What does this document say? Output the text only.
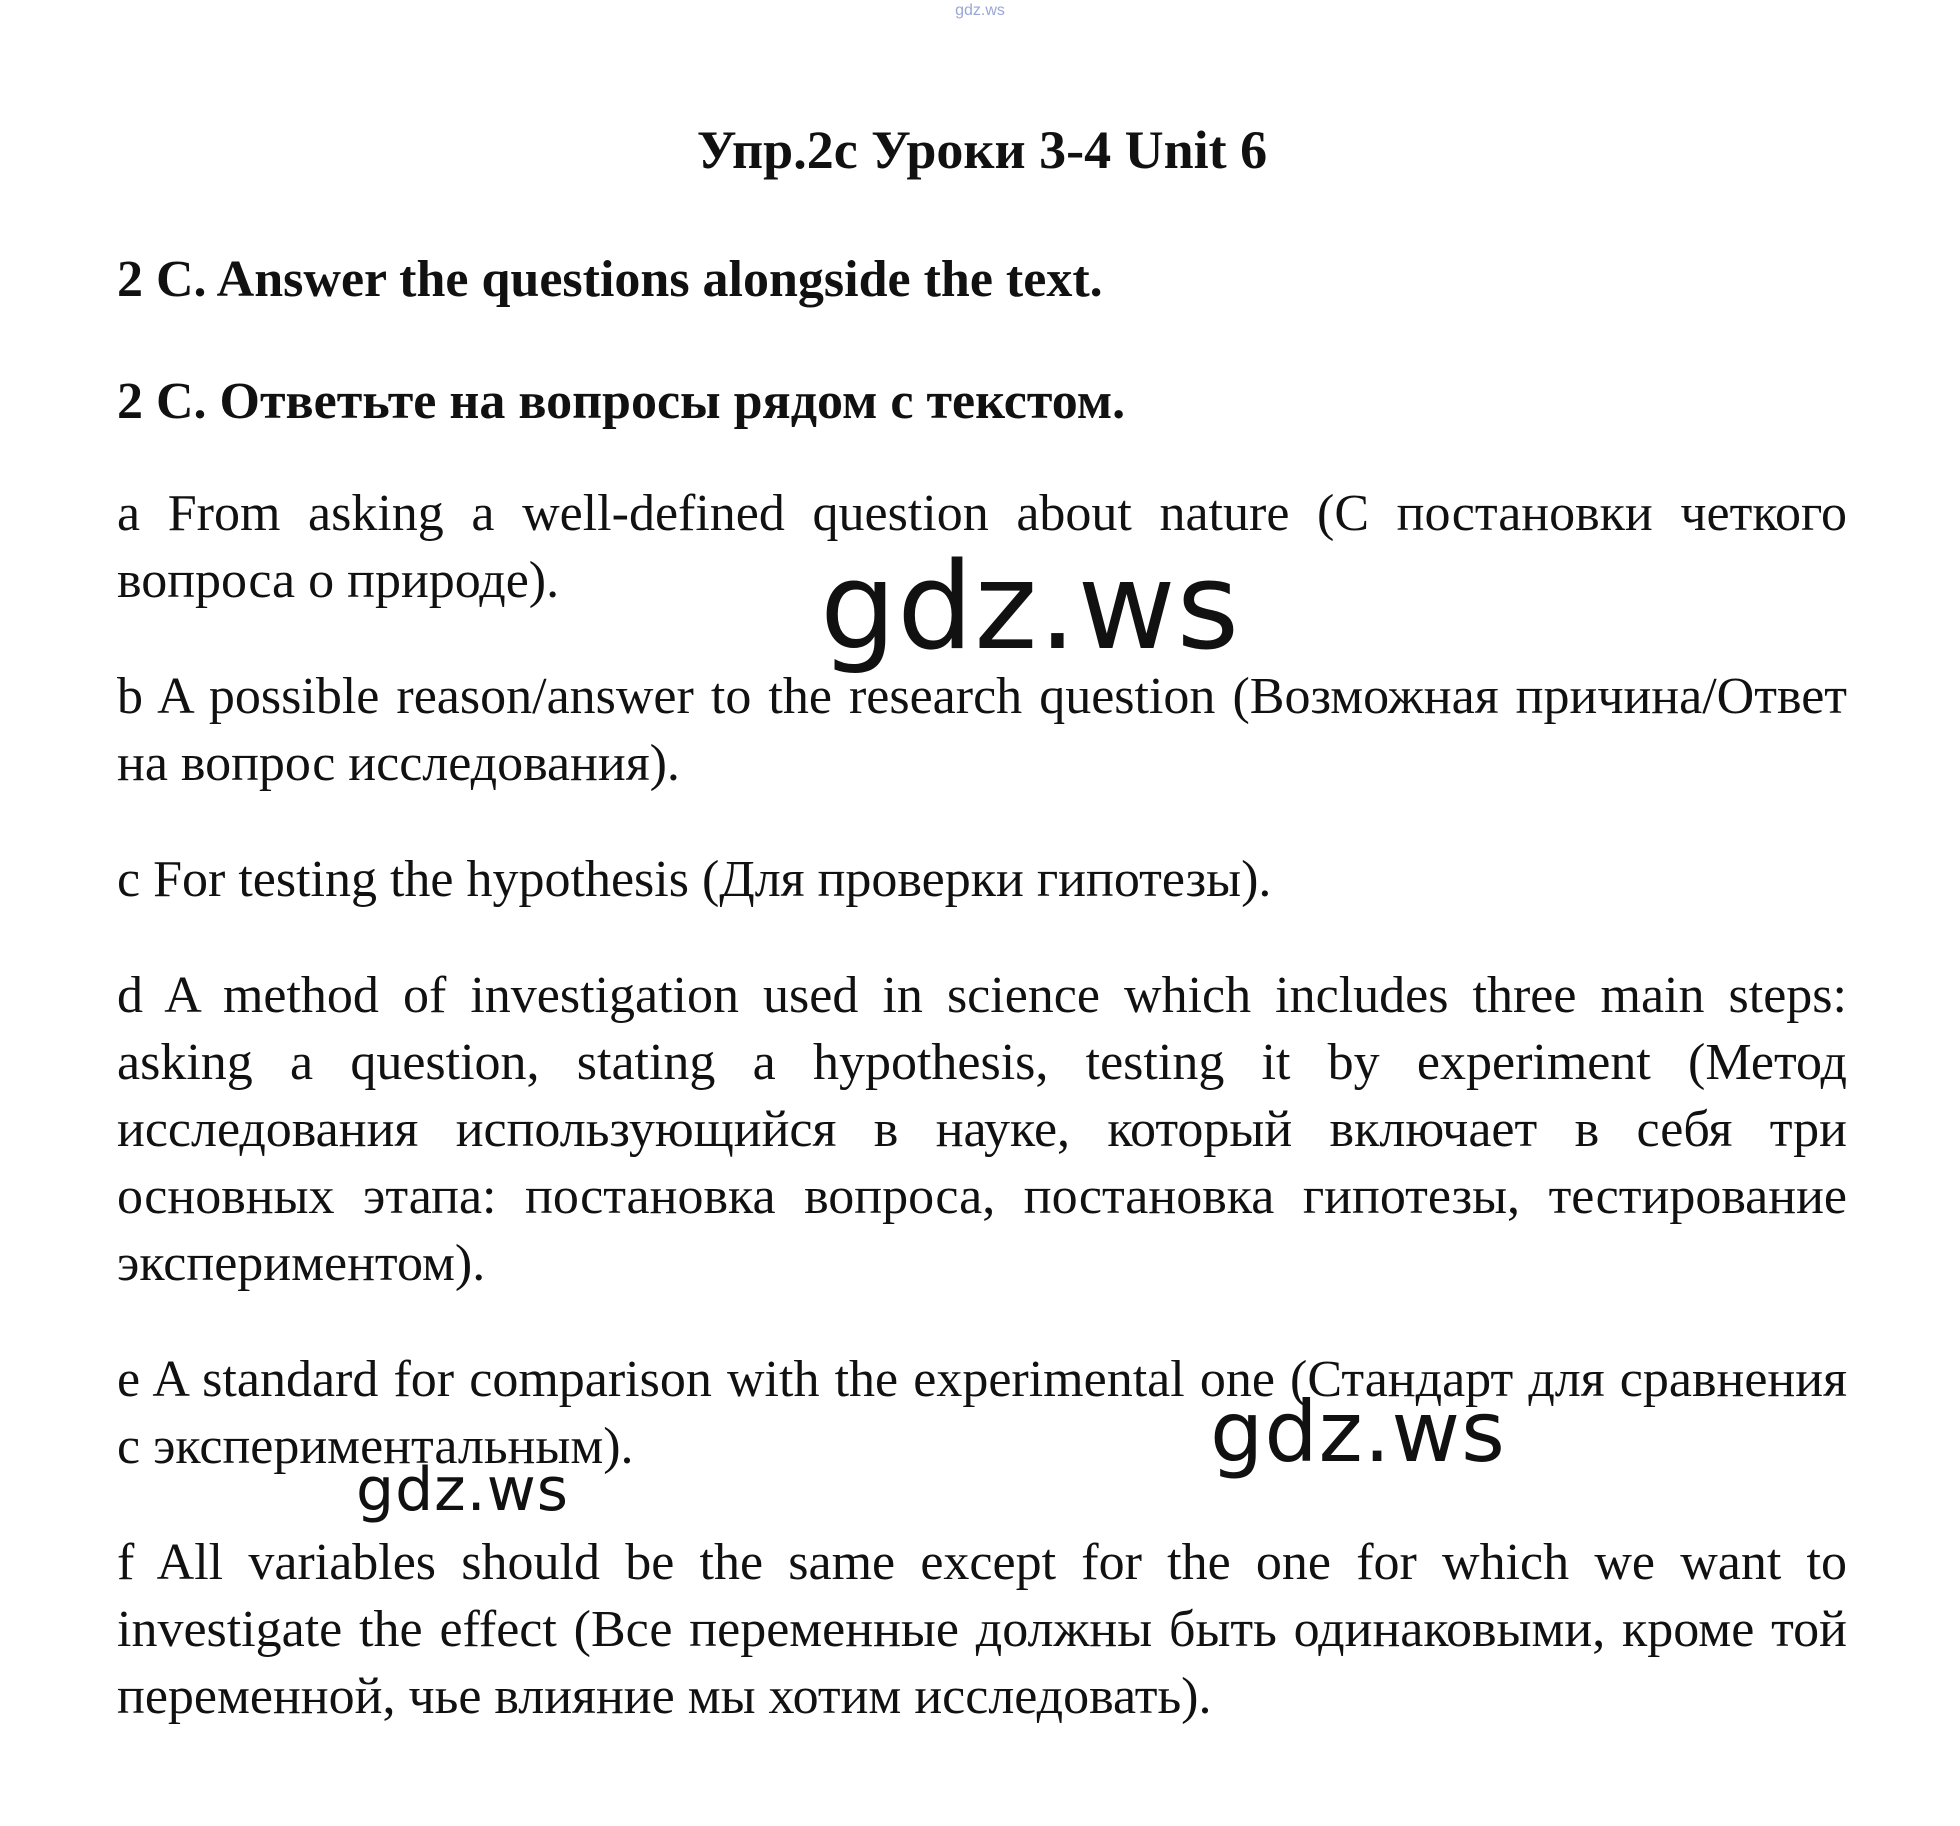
gdz.ws
Упр.2c Уроки 3-4 Unit 6

2 C. Answer the questions alongside the text.

2 C. Ответьте на вопросы рядом с текстом.

a From asking a well-defined question about nature (С постановки четкого вопроса о природе).

b A possible reason/answer to the research question (Возможная причина/Ответ на вопрос исследования).

c For testing the hypothesis (Для проверки гипотезы).

d A method of investigation used in science which includes three main steps: asking a question, stating a hypothesis, testing it by experiment (Метод исследования использующийся в науке, который включает в себя три основных этапа: постановка вопроса, постановка гипотезы, тестирование экспериментом).

e A standard for comparison with the experimental one (Стандарт для сравнения с экспериментальным).

f All variables should be the same except for the one for which we want to investigate the effect (Все переменные должны быть одинаковыми, кроме той переменной, чье влияние мы хотим исследовать).

gdz.ws
gdz.ws
gdz.ws
